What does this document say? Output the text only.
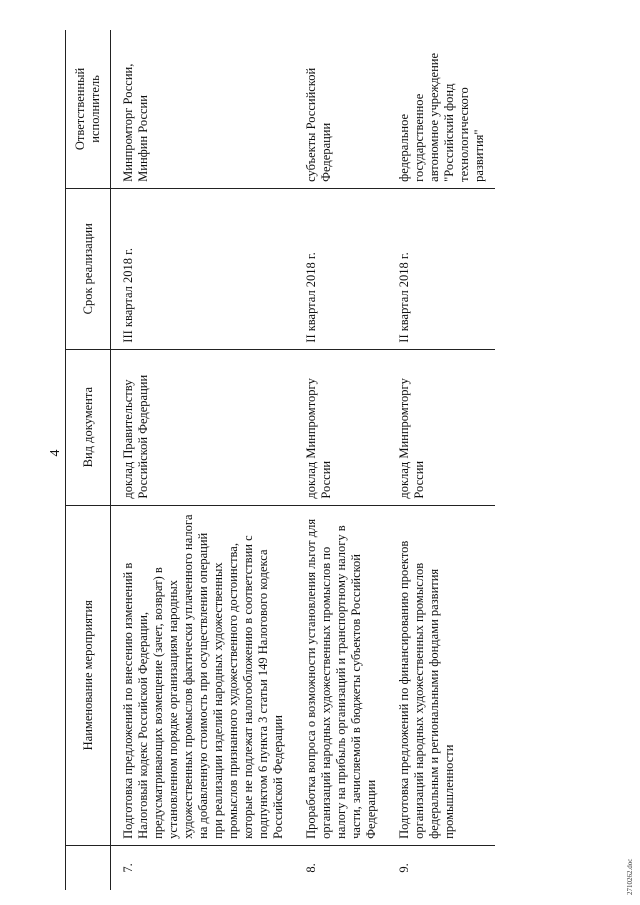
4
	Наименование мероприятия	Вид документа	Срок реализации	Ответственный исполнитель
7.	Подготовка предложений по внесению изменений в Налоговый кодекс Российской Федерации, предусматривающих возмещение (зачет, возврат) в установленном порядке организациям народных художественных промыслов фактически уплаченного налога на добавленную стоимость при осуществлении операций при реализации изделий народных художественных промыслов признанного художественного достоинства, которые не подлежат налогообложению в соответствии с подпунктом 6 пункта 3 статьи 149 Налогового кодекса Российской Федерации	доклад Правительству Российской Федерации	III квартал 2018 г.	Минпромторг России, Минфин России
8.	Проработка вопроса о возможности установления льгот для организаций народных художественных промыслов по налогу на прибыль организаций и транспортному налогу в части, зачисляемой в бюджеты субъектов Российской Федерации	доклад Минпромторгу России	II квартал 2018 г.	субъекты Российской Федерации
9.	Подготовка предложений по финансированию проектов организаций народных художественных промыслов федеральным и региональными фондами развития промышленности	доклад Минпромторгу России	II квартал 2018 г.	федеральное государственное автономное учреждение "Российский фонд технологического развития"
2710262.doc
